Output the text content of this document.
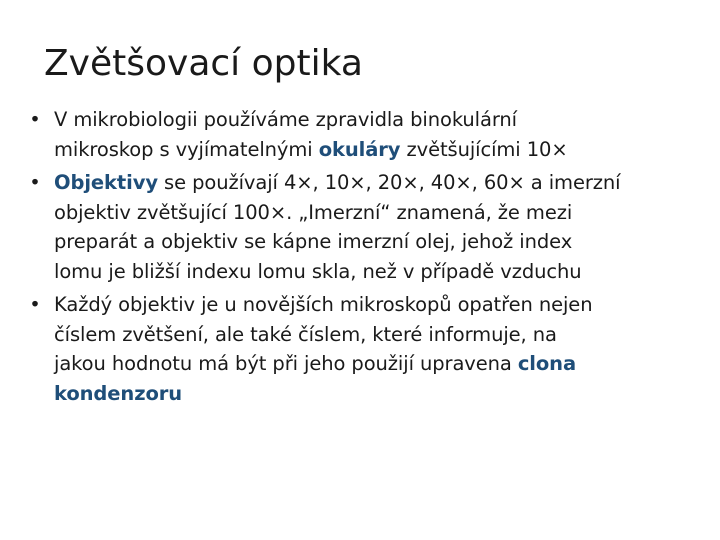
Zvětšovací optika
• V mikrobiologii používáme zpravidla binokulární
mikroskop s vyjímatelnými okuláry zvětšujícími 10×
• Objektivy se používají 4×, 10×, 20×, 40×, 60× a imerzní
objektiv zvětšující 100×. „Imerzní“ znamená, že mezi
preparát a objektiv se kápne imerzní olej, jehož index
lomu je bližší indexu lomu skla, než v případě vzduchu
• Každý objektiv je u novějších mikroskopů opatřen nejen
číslem zvětšení, ale také číslem, které informuje, na
jakou hodnotu má být při jeho použijí upravena clona
kondenzoru
